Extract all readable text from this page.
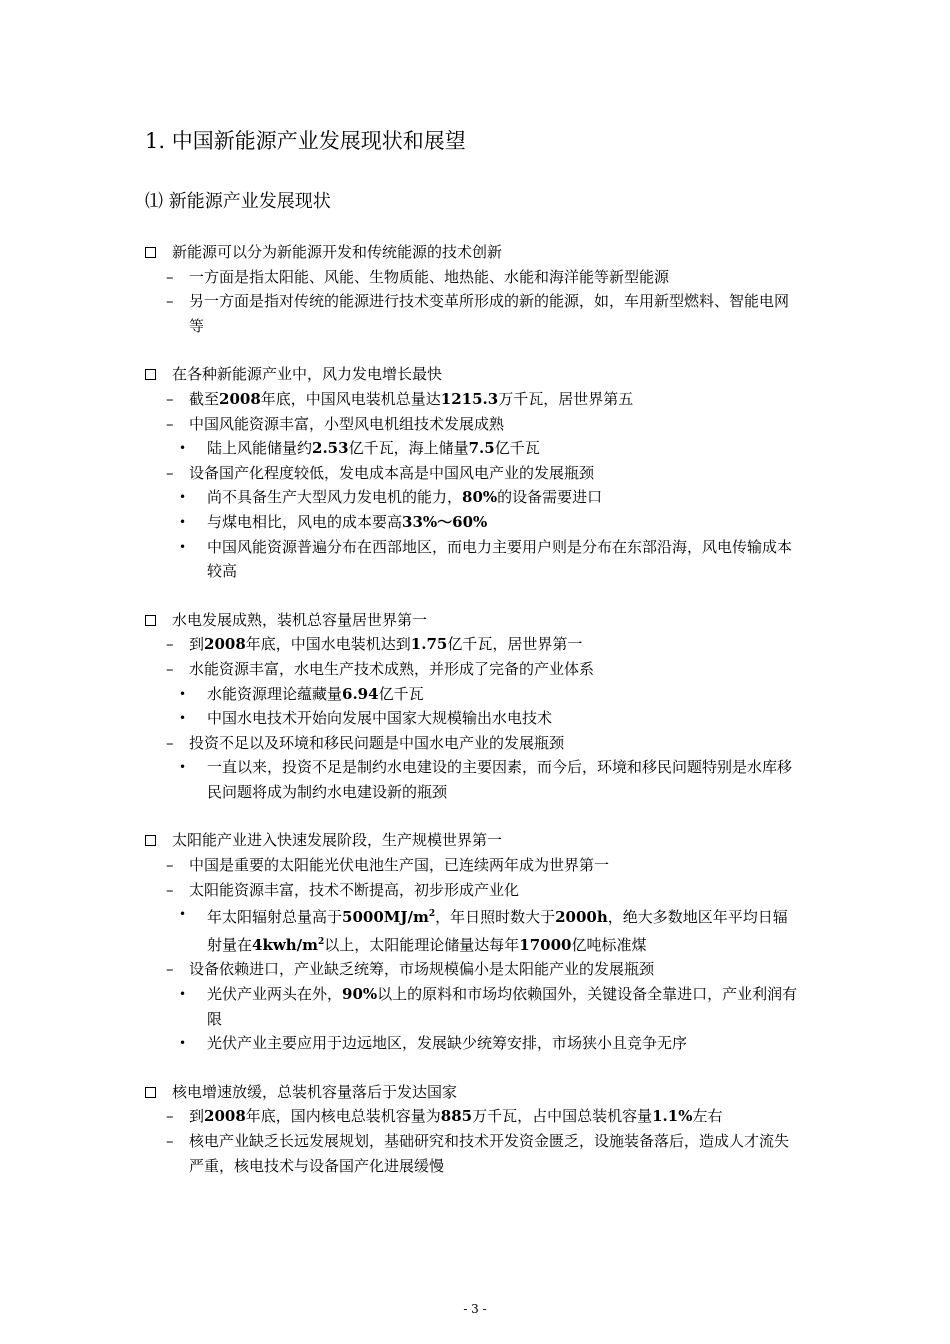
1. 中国新能源产业发展现状和展望
⑴ 新能源产业发展现状
新能源可以分为新能源开发和传统能源的技术创新
– 一方面是指太阳能、风能、生物质能、地热能、水能和海洋能等新型能源
– 另一方面是指对传统的能源进行技术变革所形成的新的能源，如，车用新型燃料、智能电网等
在各种新能源产业中，风力发电增长最快
– 截至2008年底，中国风电装机总量达1215.3万千瓦，居世界第五
– 中国风能资源丰富，小型风电机组技术发展成熟
• 陆上风能储量约2.53亿千瓦，海上储量7.5亿千瓦
– 设备国产化程度较低，发电成本高是中国风电产业的发展瓶颈
• 尚不具备生产大型风力发电机的能力，80%的设备需要进口
• 与煤电相比，风电的成本要高33%～60%
• 中国风能资源普遍分布在西部地区，而电力主要用户则是分布在东部沿海，风电传输成本较高
水电发展成熟，装机总容量居世界第一
– 到2008年底，中国水电装机达到1.75亿千瓦，居世界第一
– 水能资源丰富，水电生产技术成熟，并形成了完备的产业体系
• 水能资源理论蕴藏量6.94亿千瓦
• 中国水电技术开始向发展中国家大规模输出水电技术
– 投资不足以及环境和移民问题是中国水电产业的发展瓶颈
• 一直以来，投资不足是制约水电建设的主要因素，而今后，环境和移民问题特别是水库移民问题将成为制约水电建设新的瓶颈
太阳能产业进入快速发展阶段，生产规模世界第一
– 中国是重要的太阳能光伏电池生产国，已连续两年成为世界第一
– 太阳能资源丰富，技术不断提高，初步形成产业化
• 年太阳辐射总量高于$5000MJ/m^2$，年日照时数大于2000h，绝大多数地区年平均日辐射量在$4kwh/m^2$以上，太阳能理论储量达每年17000亿吨标准煤
– 设备依赖进口，产业缺乏统筹，市场规模偏小是太阳能产业的发展瓶颈
• 光伏产业两头在外，90%以上的原料和市场均依赖国外，关键设备全靠进口，产业利润有限
• 光伏产业主要应用于边远地区，发展缺少统筹安排，市场狭小且竞争无序
核电增速放缓，总装机容量落后于发达国家
– 到2008年底，国内核电总装机容量为885万千瓦，占中国总装机容量1.1%左右
– 核电产业缺乏长远发展规划，基础研究和技术开发资金匮乏，设施装备落后，造成人才流失严重，核电技术与设备国产化进展缓慢
- 3 -
